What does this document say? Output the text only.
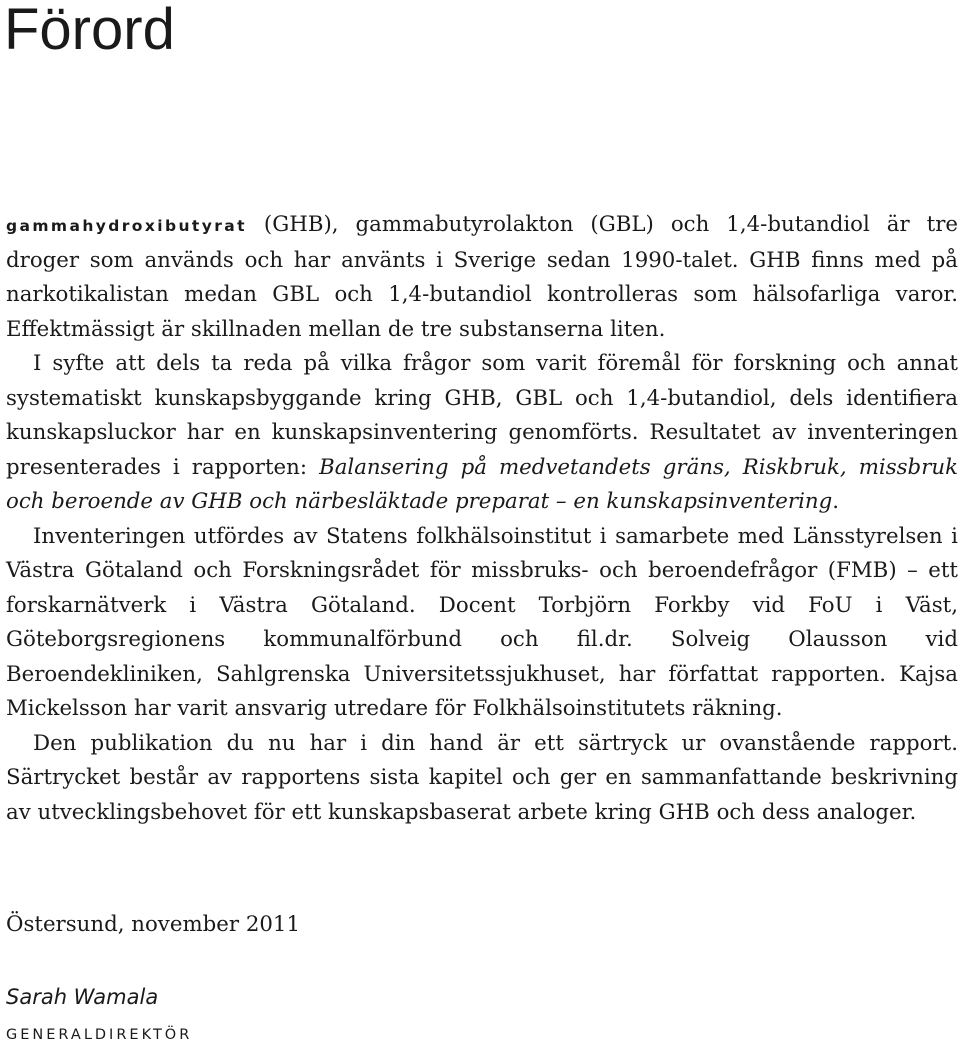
Förord

gammahydroxibutyrat (GHB), gammabutyrolakton (GBL) och 1,4-butandiol är tre droger som används och har använts i Sverige sedan 1990-talet. GHB finns med på narkotikalistan medan GBL och 1,4-butandiol kontrolleras som hälsofarliga varor. Effektmässigt är skillnaden mellan de tre substanserna liten.

I syfte att dels ta reda på vilka frågor som varit föremål för forskning och annat systematiskt kunskapsbyggande kring GHB, GBL och 1,4-butandiol, dels identifiera kunskapsluckor har en kunskapsinventering genomförts. Resultatet av inventeringen presenterades i rapporten: Balansering på medvetandets gräns, Riskbruk, missbruk och beroende av GHB och närbesläktade preparat – en kunskapsinventering.

Inventeringen utfördes av Statens folkhälsoinstitut i samarbete med Länsstyrelsen i Västra Götaland och Forskningsrådet för missbruks- och beroendefrågor (FMB) – ett forskarnätverk i Västra Götaland. Docent Torbjörn Forkby vid FoU i Väst, Göteborgsregionens kommunalförbund och fil.dr. Solveig Olausson vid Beroendekliniken, Sahlgrenska Universitetssjukhuset, har författat rapporten. Kajsa Mickelsson har varit ansvarig utredare för Folkhälsoinstitutets räkning.

Den publikation du nu har i din hand är ett särtryck ur ovanstående rapport. Särtrycket består av rapportens sista kapitel och ger en sammanfattande beskrivning av utvecklingsbehovet för ett kunskapsbaserat arbete kring GHB och dess analoger.

Östersund, november 2011

Sarah Wamala

GENERALDIREKTÖR
